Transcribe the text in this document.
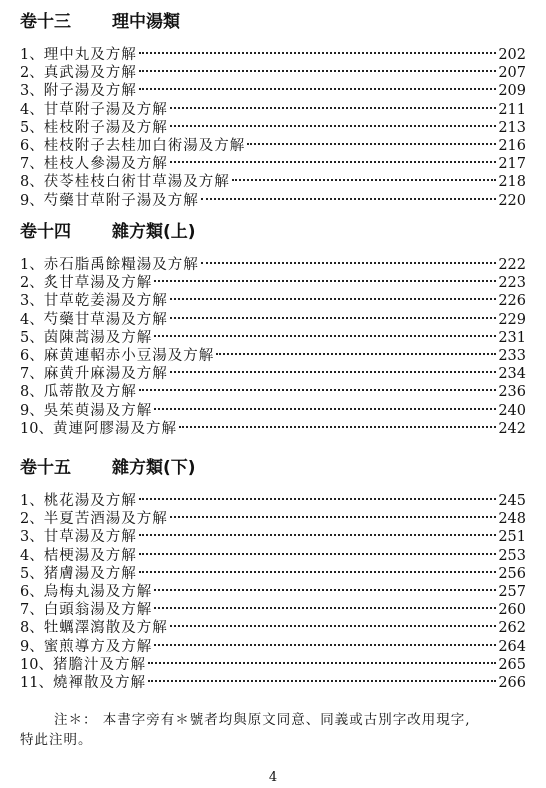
卷十三 理中湯類
1、 理中丸及方解	202
2、 真武湯及方解	207
3、 附子湯及方解	209
4、 甘草附子湯及方解	211
5、 桂枝附子湯及方解	213
6、 桂枝附子去桂加白術湯及方解	216
7、 桂枝人參湯及方解	217
8、 茯苓桂枝白術甘草湯及方解	218
9、 芍藥甘草附子湯及方解	220
卷十四 雜方類(上)
1、 赤石脂禹餘糧湯及方解	222
2、 炙甘草湯及方解	223
3、 甘草乾姜湯及方解	226
4、 芍藥甘草湯及方解	229
5、 茵陳蒿湯及方解	231
6、 麻黄連軺赤小豆湯及方解	233
7、 麻黄升麻湯及方解	234
8、 瓜蒂散及方解	236
9、 吳茱萸湯及方解	240
10、 黄連阿膠湯及方解	242
卷十五 雜方類(下)
1、 桃花湯及方解	245
2、 半夏苦酒湯及方解	248
3、 甘草湯及方解	251
4、 桔梗湯及方解	253
5、 猪膚湯及方解	256
6、 烏梅丸湯及方解	257
7、 白頭翁湯及方解	260
8、 牡蠣澤瀉散及方解	262
9、 蜜煎導方及方解	264
10、 猪膽汁及方解	265
11、 燒褌散及方解	266
注＊： 本書字旁有＊號者均與原文同意、同義或古別字改用現字,
特此注明。
4
